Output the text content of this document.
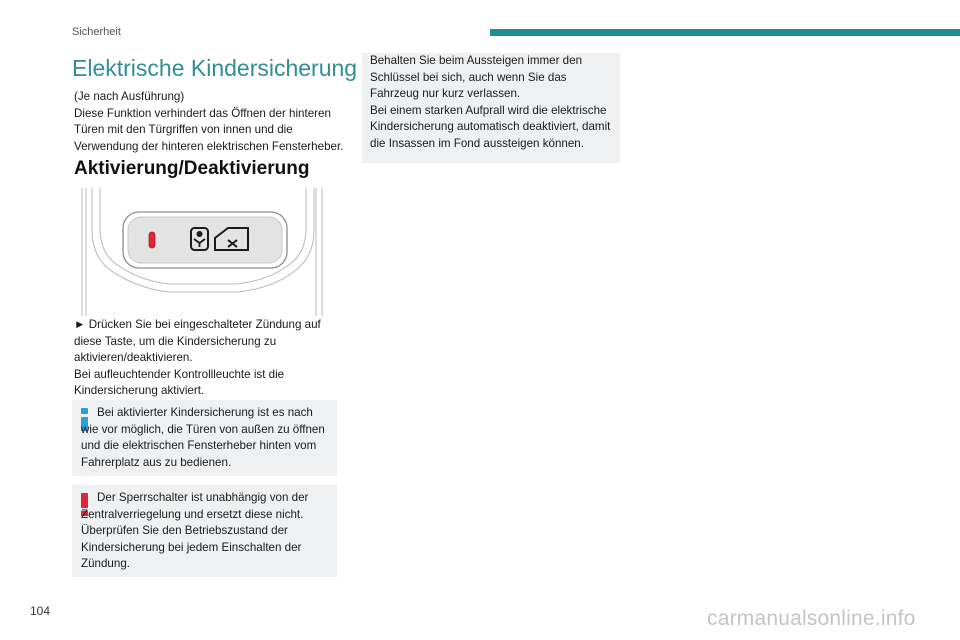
Sicherheit
Elektrische Kindersicherung
(Je nach Ausführung)
Diese Funktion verhindert das Öffnen der hinteren Türen mit den Türgriffen von innen und die Verwendung der hinteren elektrischen Fensterheber.
Aktivierung/Deaktivierung
► Drücken Sie bei eingeschalteter Zündung auf diese Taste, um die Kindersicherung zu aktivieren/deaktivieren.
Bei aufleuchtender Kontrollleuchte ist die Kindersicherung aktiviert.
Bei aktivierter Kindersicherung ist es nach wie vor möglich, die Türen von außen zu öffnen und die elektrischen Fensterheber hinten vom Fahrerplatz aus zu bedienen.
Der Sperrschalter ist unabhängig von der Zentralverriegelung und ersetzt diese nicht. Überprüfen Sie den Betriebszustand der Kindersicherung bei jedem Einschalten der Zündung.
Behalten Sie beim Aussteigen immer den Schlüssel bei sich, auch wenn Sie das Fahrzeug nur kurz verlassen.
Bei einem starken Aufprall wird die elektrische Kindersicherung automatisch deaktiviert, damit die Insassen im Fond aussteigen können.
104	carmanualsonline.info
